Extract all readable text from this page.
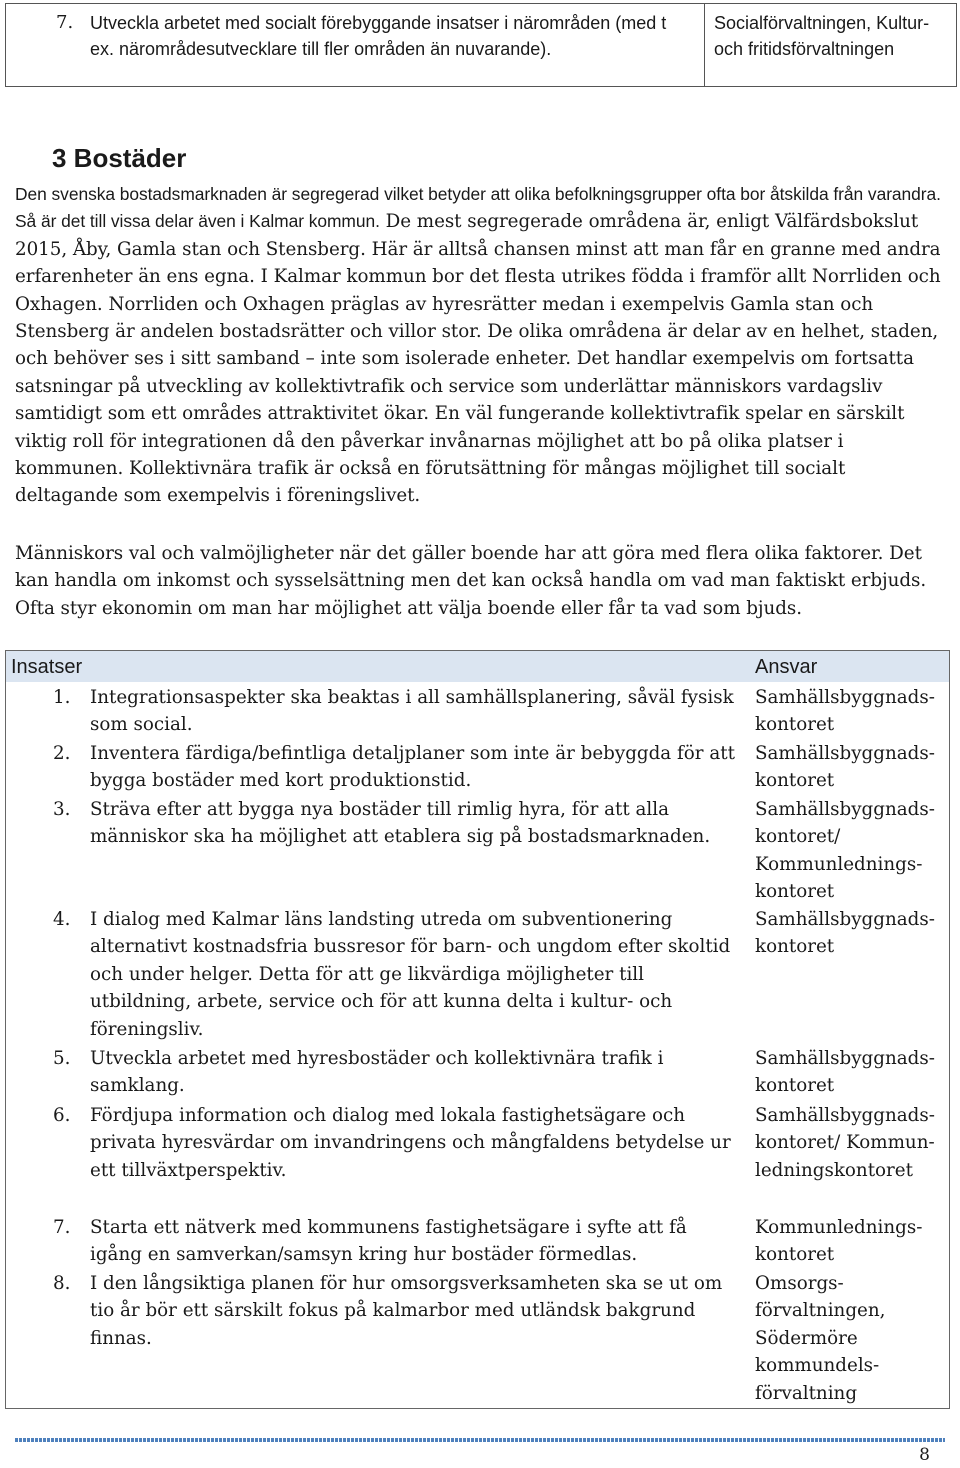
7. Utveckla arbetet med socialt förebyggande insatser i närområden (med t ex. närområdesutvecklare till fler områden än nuvarande).
Socialförvaltningen, Kultur- och fritidsförvaltningen
3 Bostäder

Den svenska bostadsmarknaden är segregerad vilket betyder att olika befolkningsgrupper ofta bor åtskilda från varandra. Så är det till vissa delar även i Kalmar kommun. De mest segregerade områdena är, enligt Välfärdsbokslut 2015, Åby, Gamla stan och Stensberg. Här är alltså chansen minst att man får en granne med andra erfarenheter än ens egna. I Kalmar kommun bor det flesta utrikes födda i framför allt Norrliden och Oxhagen. Norrliden och Oxhagen präglas av hyresrätter medan i exempelvis Gamla stan och Stensberg är andelen bostadsrätter och villor stor. De olika områdena är delar av en helhet, staden, och behöver ses i sitt samband – inte som isolerade enheter. Det handlar exempelvis om fortsatta satsningar på utveckling av kollektivtrafik och service som underlättar människors vardagsliv samtidigt som ett områdes attraktivitet ökar. En väl fungerande kollektivtrafik spelar en särskilt viktig roll för integrationen då den påverkar invånarnas möjlighet att bo på olika platser i kommunen. Kollektivnära trafik är också en förutsättning för mångas möjlighet till socialt deltagande som exempelvis i föreningslivet.

Människors val och valmöjligheter när det gäller boende har att göra med flera olika faktorer. Det kan handla om inkomst och sysselsättning men det kan också handla om vad man faktiskt erbjuds. Ofta styr ekonomin om man har möjlighet att välja boende eller får ta vad som bjuds.

Insatser	Ansvar
1. Integrationsaspekter ska beaktas i all samhällsplanering, såväl fysisk som social.
Samhällsbyggnads-kontoret
2. Inventera färdiga/befintliga detaljplaner som inte är bebyggda för att bygga bostäder med kort produktionstid.
Samhällsbyggnads-kontoret
3. Sträva efter att bygga nya bostäder till rimlig hyra, för att alla människor ska ha möjlighet att etablera sig på bostadsmarknaden.
Samhällsbyggnads-kontoret/ Kommunlednings-kontoret
4. I dialog med Kalmar läns landsting utreda om subventionering alternativt kostnadsfria bussresor för barn- och ungdom efter skoltid och under helger. Detta för att ge likvärdiga möjligheter till utbildning, arbete, service och för att kunna delta i kultur- och föreningsliv.
Samhällsbyggnads-kontoret
5. Utveckla arbetet med hyresbostäder och kollektivnära trafik i samklang.
Samhällsbyggnads-kontoret
6. Fördjupa information och dialog med lokala fastighetsägare och privata hyresvärdar om invandringens och mångfaldens betydelse ur ett tillväxtperspektiv.
Samhällsbyggnads-kontoret/ Kommun-ledningskontoret
7. Starta ett nätverk med kommunens fastighetsägare i syfte att få igång en samverkan/samsyn kring hur bostäder förmedlas.
Kommunlednings-kontoret
8. I den långsiktiga planen för hur omsorgsverksamheten ska se ut om tio år bör ett särskilt fokus på kalmarbor med utländsk bakgrund finnas.
Omsorgs-förvaltningen, Södermöre kommundels-förvaltning
8
